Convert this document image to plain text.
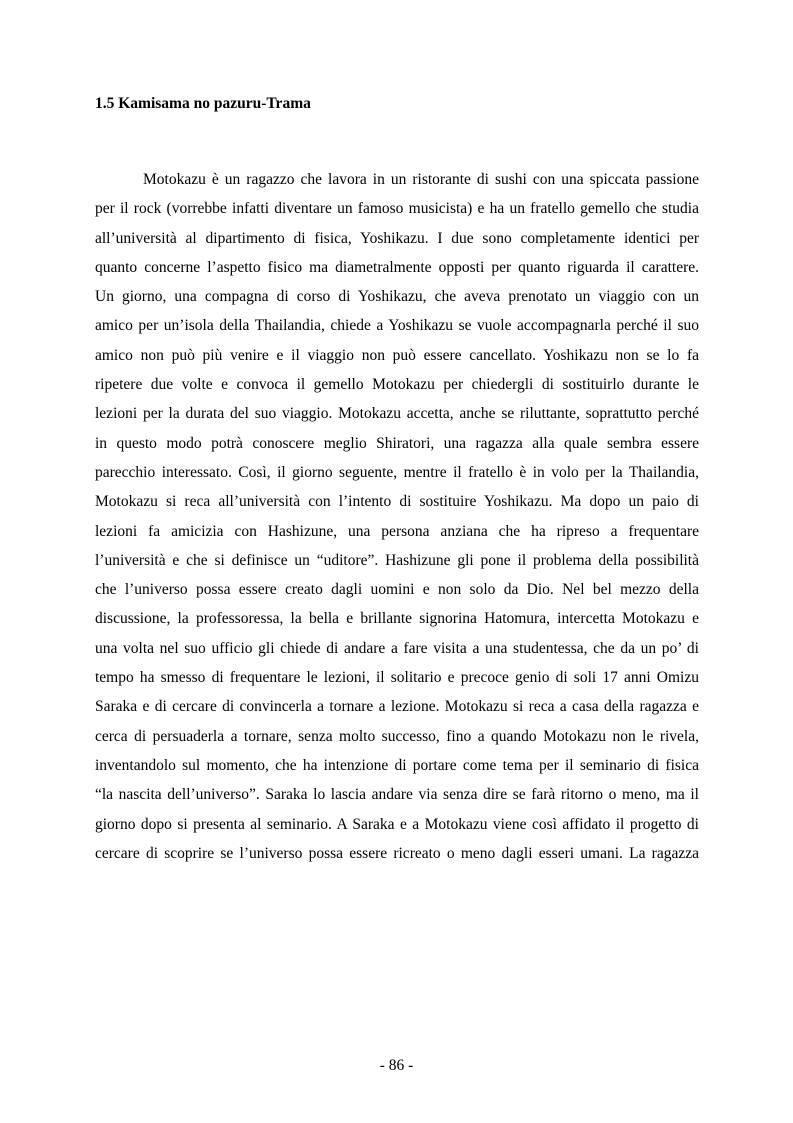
1.5 Kamisama no pazuru-Trama
Motokazu è un ragazzo che lavora in un ristorante di sushi con una spiccata passione
per il rock (vorrebbe infatti diventare un famoso musicista) e ha un fratello gemello che studia
all’università al dipartimento di fisica, Yoshikazu. I due sono completamente identici per
quanto concerne l’aspetto fisico ma diametralmente opposti per quanto riguarda il carattere.
Un giorno, una compagna di corso di Yoshikazu, che aveva prenotato un viaggio con un
amico per un’isola della Thailandia, chiede a Yoshikazu se vuole accompagnarla perché il suo
amico non può più venire e il viaggio non può essere cancellato. Yoshikazu non se lo fa
ripetere due volte e convoca il gemello Motokazu per chiedergli di sostituirlo durante le
lezioni per la durata del suo viaggio. Motokazu accetta, anche se riluttante, soprattutto perché
in questo modo potrà conoscere meglio Shiratori, una ragazza alla quale sembra essere
parecchio interessato. Così, il giorno seguente, mentre il fratello è in volo per la Thailandia,
Motokazu si reca all’università con l’intento di sostituire Yoshikazu. Ma dopo un paio di
lezioni fa amicizia con Hashizune, una persona anziana che ha ripreso a frequentare
l’università e che si definisce un “uditore”. Hashizune gli pone il problema della possibilità
che l’universo possa essere creato dagli uomini e non solo da Dio. Nel bel mezzo della
discussione, la professoressa, la bella e brillante signorina Hatomura, intercetta Motokazu e
una volta nel suo ufficio gli chiede di andare a fare visita a una studentessa, che da un po’ di
tempo ha smesso di frequentare le lezioni, il solitario e precoce genio di soli 17 anni Omizu
Saraka e di cercare di convincerla a tornare a lezione. Motokazu si reca a casa della ragazza e
cerca di persuaderla a tornare, senza molto successo, fino a quando Motokazu non le rivela,
inventandolo sul momento, che ha intenzione di portare come tema per il seminario di fisica
“la nascita dell’universo”. Saraka lo lascia andare via senza dire se farà ritorno o meno, ma il
giorno dopo si presenta al seminario. A Saraka e a Motokazu viene così affidato il progetto di
cercare di scoprire se l’universo possa essere ricreato o meno dagli esseri umani. La ragazza

- 86 -
